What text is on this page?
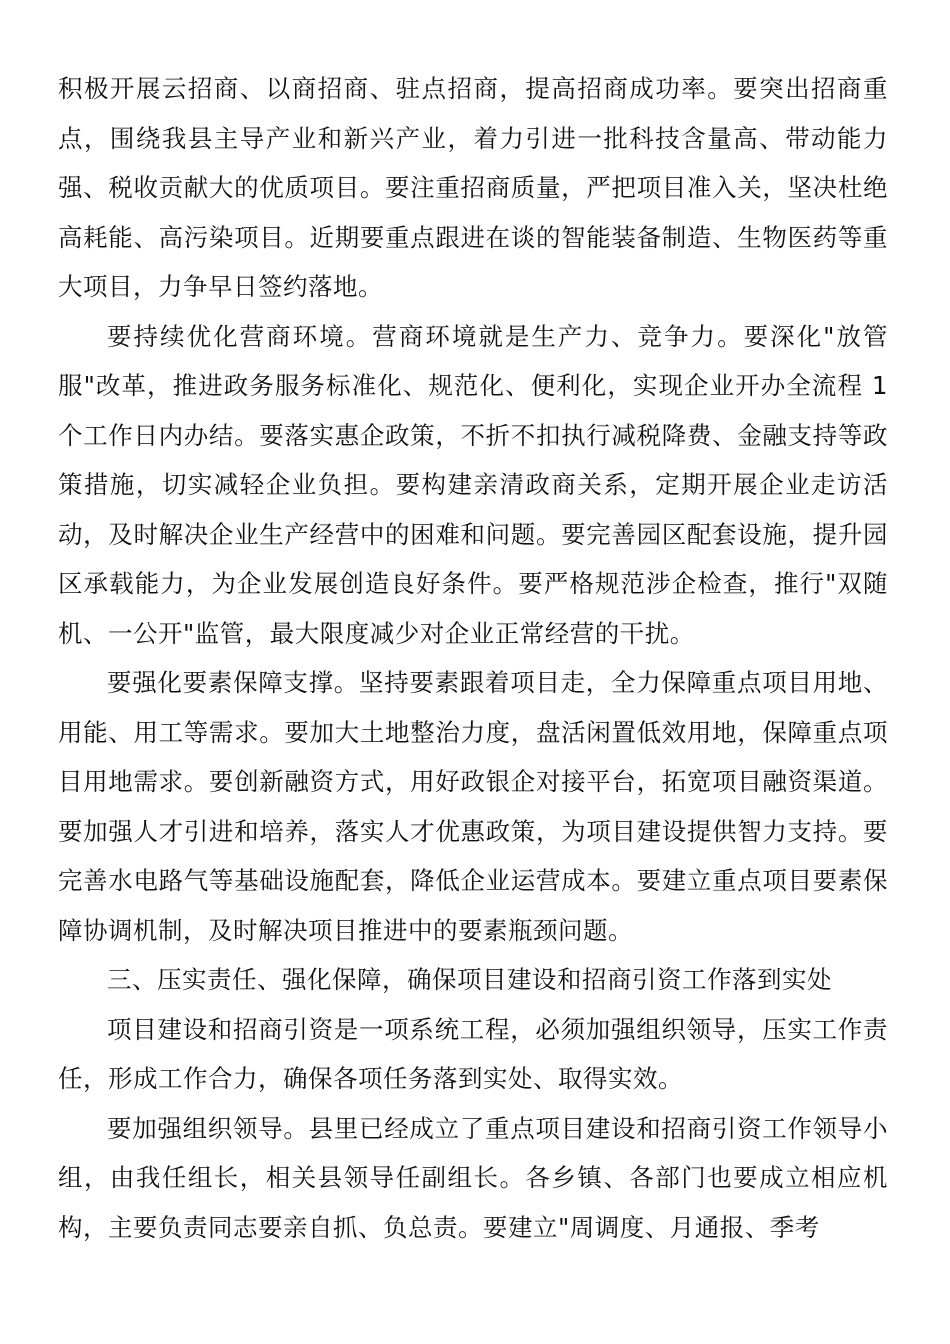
积极开展云招商、以商招商、驻点招商，提高招商成功率。要突出招商重点，围绕我县主导产业和新兴产业，着力引进一批科技含量高、带动能力强、税收贡献大的优质项目。要注重招商质量，严把项目准入关，坚决杜绝高耗能、高污染项目。近期要重点跟进在谈的智能装备制造、生物医药等重大项目，力争早日签约落地。

要持续优化营商环境。营商环境就是生产力、竞争力。要深化"放管服"改革，推进政务服务标准化、规范化、便利化，实现企业开办全流程 1 个工作日内办结。要落实惠企政策，不折不扣执行减税降费、金融支持等政策措施，切实减轻企业负担。要构建亲清政商关系，定期开展企业走访活动，及时解决企业生产经营中的困难和问题。要完善园区配套设施，提升园区承载能力，为企业发展创造良好条件。要严格规范涉企检查，推行"双随机、一公开"监管，最大限度减少对企业正常经营的干扰。

要强化要素保障支撑。坚持要素跟着项目走，全力保障重点项目用地、用能、用工等需求。要加大土地整治力度，盘活闲置低效用地，保障重点项目用地需求。要创新融资方式，用好政银企对接平台，拓宽项目融资渠道。要加强人才引进和培养，落实人才优惠政策，为项目建设提供智力支持。要完善水电路气等基础设施配套，降低企业运营成本。要建立重点项目要素保障协调机制，及时解决项目推进中的要素瓶颈问题。

三、压实责任、强化保障，确保项目建设和招商引资工作落到实处

项目建设和招商引资是一项系统工程，必须加强组织领导，压实工作责任，形成工作合力，确保各项任务落到实处、取得实效。

要加强组织领导。县里已经成立了重点项目建设和招商引资工作领导小组，由我任组长，相关县领导任副组长。各乡镇、各部门也要成立相应机构，主要负责同志要亲自抓、负总责。要建立"周调度、月通报、季考
